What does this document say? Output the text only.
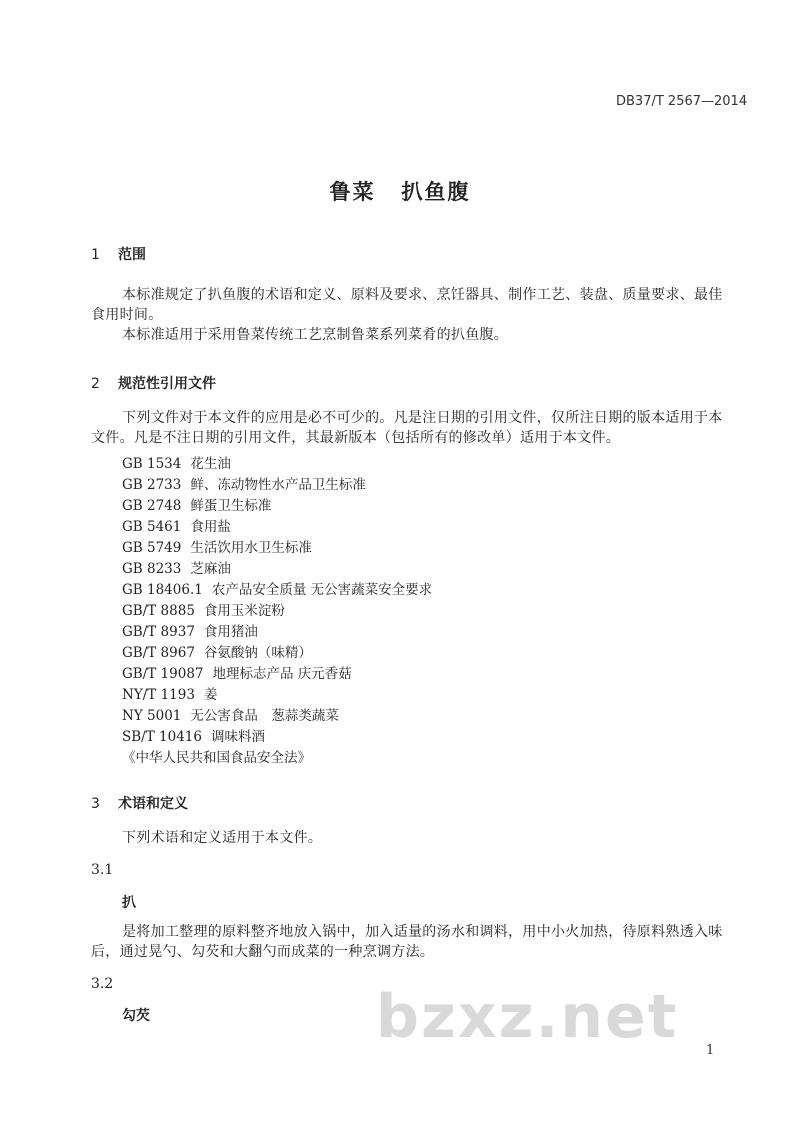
DB37/T 2567—2014
鲁菜 扒鱼腹
1 范围
本标准规定了扒鱼腹的术语和定义、原料及要求、烹饪器具、制作工艺、装盘、质量要求、最佳食用时间。
本标准适用于采用鲁菜传统工艺烹制鲁菜系列菜肴的扒鱼腹。
2 规范性引用文件
下列文件对于本文件的应用是必不可少的。凡是注日期的引用文件，仅所注日期的版本适用于本文件。凡是不注日期的引用文件，其最新版本（包括所有的修改单）适用于本文件。
GB 1534 花生油
GB 2733 鲜、冻动物性水产品卫生标准
GB 2748 鲜蛋卫生标准
GB 5461 食用盐
GB 5749 生活饮用水卫生标准
GB 8233 芝麻油
GB 18406.1 农产品安全质量 无公害蔬菜安全要求
GB/T 8885 食用玉米淀粉
GB/T 8937 食用猪油
GB/T 8967 谷氨酸钠（味精）
GB/T 19087 地理标志产品 庆元香菇
NY/T 1193 姜
NY 5001 无公害食品　葱蒜类蔬菜
SB/T 10416 调味料酒
《中华人民共和国食品安全法》
3 术语和定义
下列术语和定义适用于本文件。
3.1
扒
是将加工整理的原料整齐地放入锅中，加入适量的汤水和调料，用中小火加热，待原料熟透入味后，通过晃勺、勾芡和大翻勺而成菜的一种烹调方法。
3.2
勾芡	bzxz.net 1
